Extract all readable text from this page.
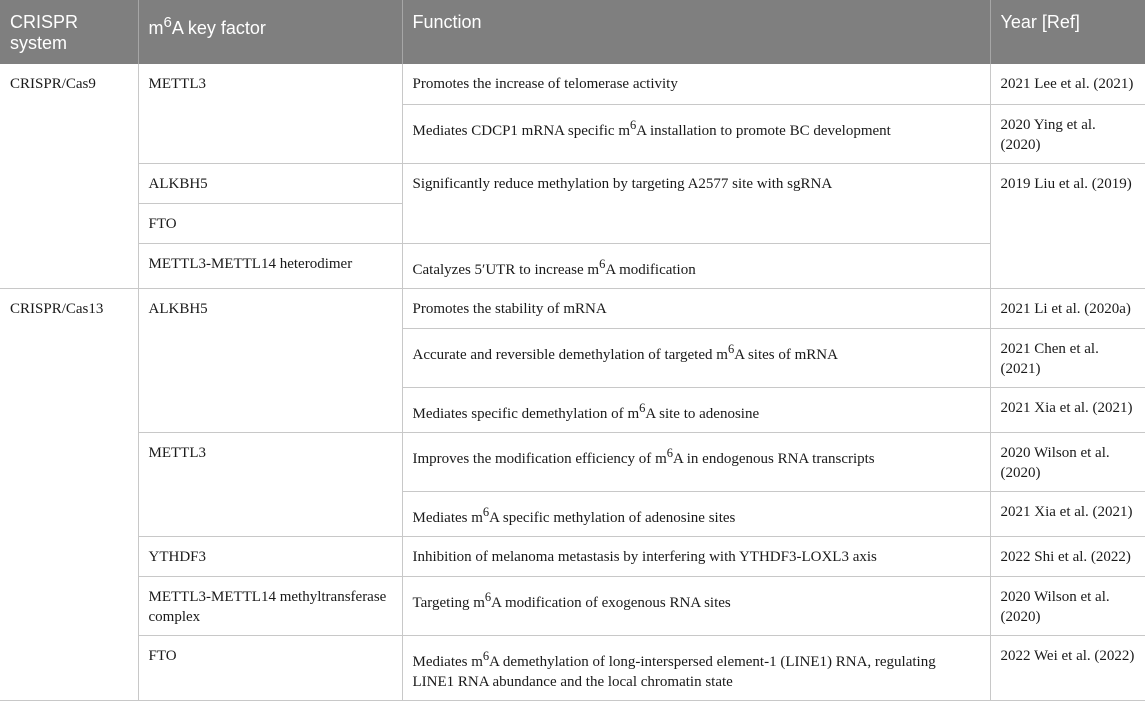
CRISPR system	$m^6A$ key factor	Function	Year [Ref]
CRISPR/Cas9	METTL3	Promotes the increase of telomerase activity	2021 Lee et al. (2021)
		Mediates CDCP1 mRNA specific $m^6A$ installation to promote BC development	2020 Ying et al. (2020)
	ALKBH5	Significantly reduce methylation by targeting A2577 site with sgRNA	2019 Liu et al. (2019)
	FTO		
	METTL3-METTL14 heterodimer	Catalyzes 5′UTR to increase $m^6A$ modification	
CRISPR/Cas13	ALKBH5	Promotes the stability of mRNA	2021 Li et al. (2020a)
		Accurate and reversible demethylation of targeted $m^6A$ sites of mRNA	2021 Chen et al. (2021)
		Mediates specific demethylation of $m^6A$ site to adenosine	2021 Xia et al. (2021)
	METTL3	Improves the modification efficiency of $m^6A$ in endogenous RNA transcripts	2020 Wilson et al. (2020)
		Mediates $m^6A$ specific methylation of adenosine sites	2021 Xia et al. (2021)
	YTHDF3	Inhibition of melanoma metastasis by interfering with YTHDF3-LOXL3 axis	2022 Shi et al. (2022)
	METTL3-METTL14 methyltransferase complex	Targeting $m^6A$ modification of exogenous RNA sites	2020 Wilson et al. (2020)
	FTO	Mediates $m^6A$ demethylation of long-interspersed element-1 (LINE1) RNA, regulating LINE1 RNA abundance and the local chromatin state	2022 Wei et al. (2022)
